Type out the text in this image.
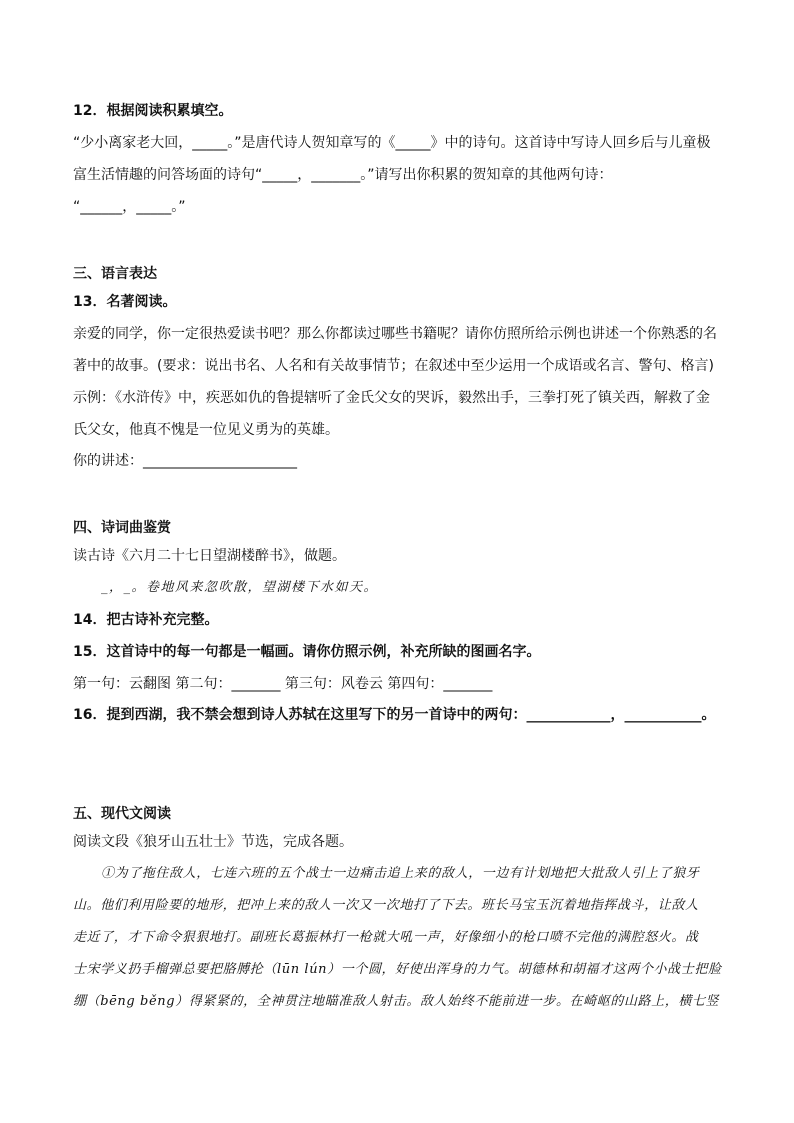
12．根据阅读积累填空。
“少小离家老大回，_____。”是唐代诗人贺知章写的《_____》中的诗句。这首诗中写诗人回乡后与儿童极
富生活情趣的问答场面的诗句“_____，_______。”请写出你积累的贺知章的其他两句诗：
“______，_____。”
三、语言表达
13．名著阅读。
亲爱的同学，你一定很热爱读书吧？那么你都读过哪些书籍呢？请你仿照所给示例也讲述一个你熟悉的名
著中的故事。(要求：说出书名、人名和有关故事情节；在叙述中至少运用一个成语或名言、警句、格言)
示例：《水浒传》中，疾恶如仇的鲁提辖听了金氏父女的哭诉，毅然出手，三拳打死了镇关西，解救了金
氏父女，他真不愧是一位见义勇为的英雄。
你的讲述：______________________
四、诗词曲鉴赏
读古诗《六月二十七日望湖楼醉书》，做题。
_，_。卷地风来忽吹散，望湖楼下水如天。
14．把古诗补充完整。
15．这首诗中的每一句都是一幅画。请你仿照示例，补充所缺的图画名字。
第一句：云翻图 第二句：_______ 第三句：风卷云 第四句：_______
16．提到西湖，我不禁会想到诗人苏轼在这里写下的另一首诗中的两句：____________，___________。
五、现代文阅读
阅读文段《狼牙山五壮士》节选，完成各题。
①为了拖住敌人，七连六班的五个战士一边痛击追上来的敌人，一边有计划地把大批敌人引上了狼牙
山。他们利用险要的地形，把冲上来的敌人一次又一次地打了下去。班长马宝玉沉着地指挥战斗，让敌人
走近了，才下命令狠狠地打。副班长葛振林打一枪就大吼一声，好像细小的枪口喷不完他的满腔怒火。战
士宋学义扔手榴弹总要把胳膊抡（lūn lún）一个圆，好使出浑身的力气。胡德林和胡福才这两个小战士把脸
绷（bēng běng）得紧紧的，全神贯注地瞄准敌人射击。敌人始终不能前进一步。在崎岖的山路上，横七竖
